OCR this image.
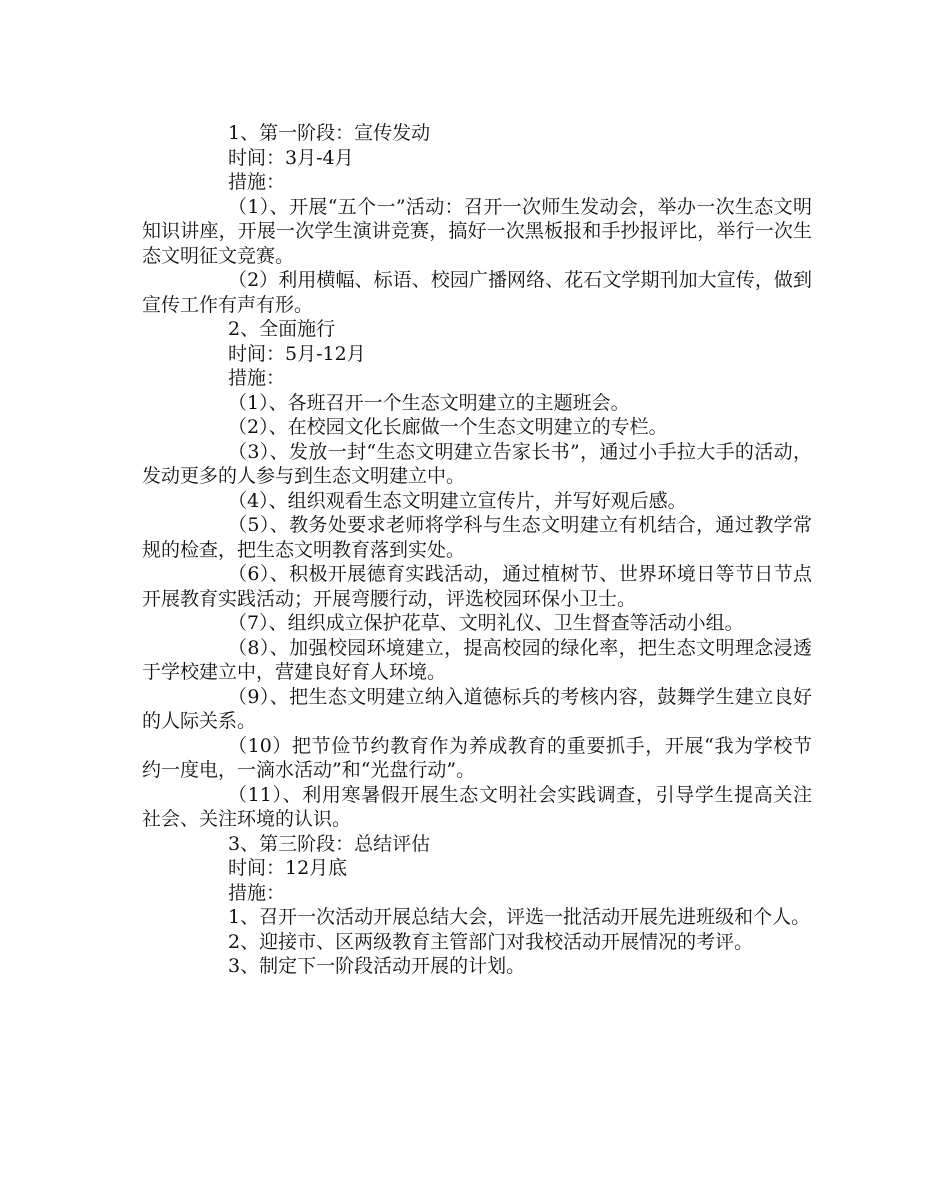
1、第一阶段：宣传发动

时间：3月-4月

措施：

（1）、开展“五个一”活动：召开一次师生发动会，举办一次生态文明知识讲座，开展一次学生演讲竞赛，搞好一次黑板报和手抄报评比，举行一次生态文明征文竞赛。

（2）利用横幅、标语、校园广播网络、花石文学期刊加大宣传，做到宣传工作有声有形。

2、全面施行

时间：5月-12月

措施：

（1）、各班召开一个生态文明建立的主题班会。

（2）、在校园文化长廊做一个生态文明建立的专栏。

（3）、发放一封“生态文明建立告家长书”，通过小手拉大手的活动，发动更多的人参与到生态文明建立中。

（4）、组织观看生态文明建立宣传片，并写好观后感。

（5）、教务处要求老师将学科与生态文明建立有机结合，通过教学常规的检查，把生态文明教育落到实处。

（6）、积极开展德育实践活动，通过植树节、世界环境日等节日节点开展教育实践活动；开展弯腰行动，评选校园环保小卫士。

（7）、组织成立保护花草、文明礼仪、卫生督查等活动小组。

（8）、加强校园环境建立，提高校园的绿化率，把生态文明理念浸透于学校建立中，营建良好育人环境。

（9）、把生态文明建立纳入道德标兵的考核内容，鼓舞学生建立良好的人际关系。

（10）把节俭节约教育作为养成教育的重要抓手，开展“我为学校节约一度电，一滴水活动”和“光盘行动”。

（11）、利用寒暑假开展生态文明社会实践调查，引导学生提高关注社会、关注环境的认识。

3、第三阶段：总结评估

时间：12月底

措施：

1、召开一次活动开展总结大会，评选一批活动开展先进班级和个人。

2、迎接市、区两级教育主管部门对我校活动开展情况的考评。

3、制定下一阶段活动开展的计划。
